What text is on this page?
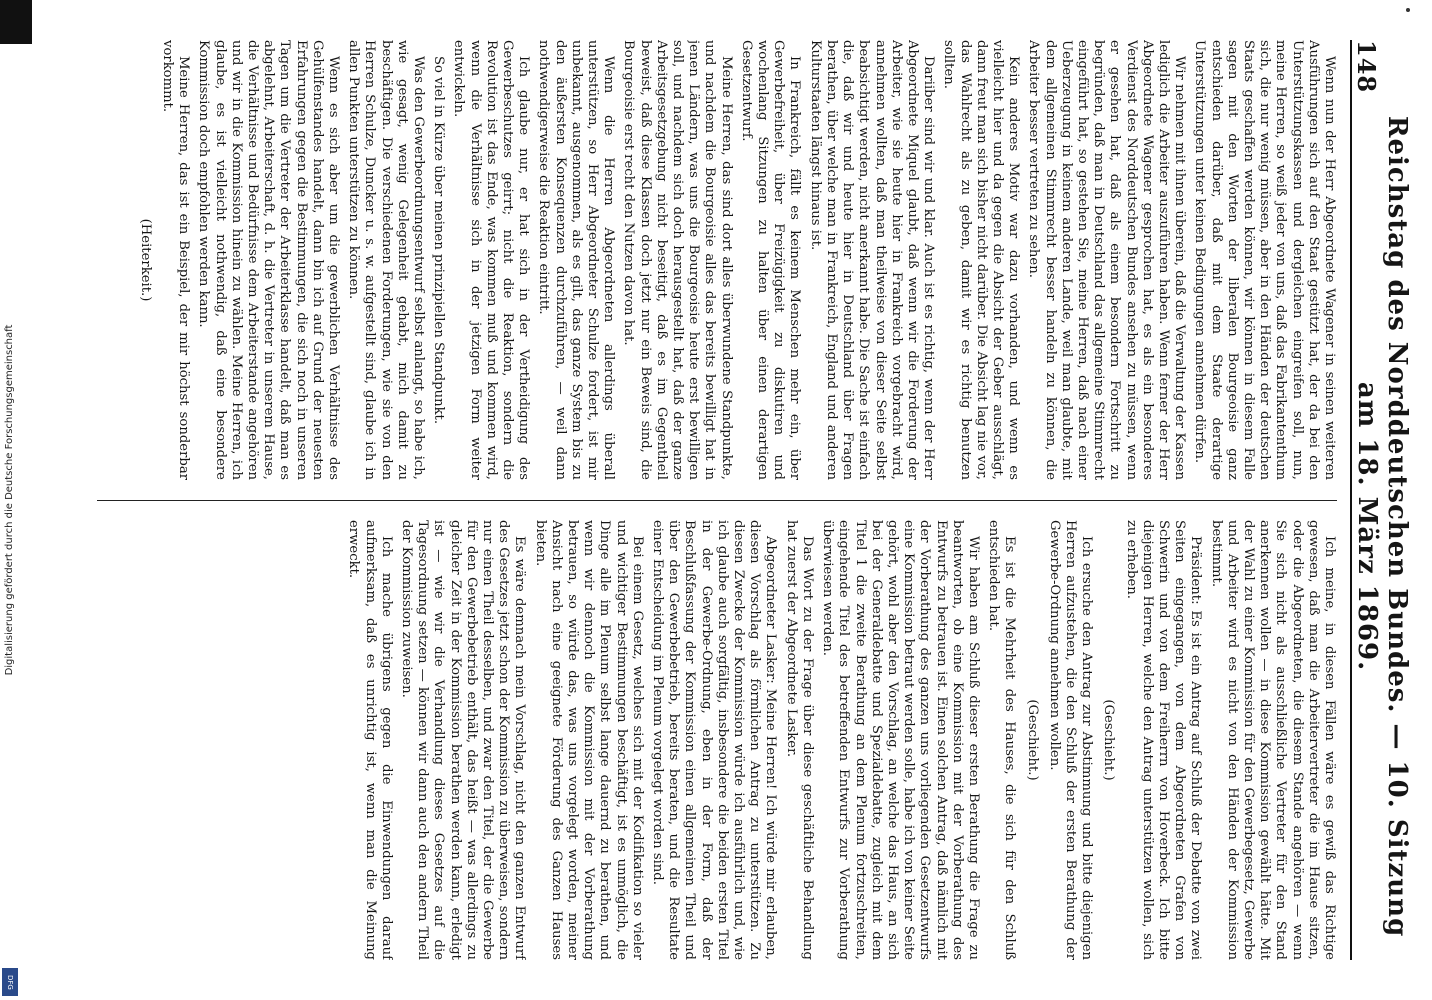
Digitalisierung gefördert durch die Deutsche Forschungsgemeinschaft
DFG
148
Reichstag des Norddeutschen Bundes. — 10. Sitzung am 18. März 1869.

Wenn nun der Herr Abgeordnete Wagener in seinen weiteren Ausführungen sich auf den Staat gestützt hat, der da bei den Unterstützungskassen und dergleichen eingreifen soll, nun, meine Herren, so weiß jeder von uns, daß das Fabrikantenthum sich, die nur wenig müssen, aber in den Händen der deutschen Staats geschaffen werden können, wir können in diesem Falle sagen mit den Worten der liberalen Bourgeoisie ganz entschieden darüber, daß mit dem Staate derartige Unterstützungen unter keinen Bedingungen annehmen dürfen.

Wir nehmen mit ihnen überein, daß die Verwaltung der Kassen lediglich die Arbeiter auszuführen haben. Wenn ferner der Herr Abgeordnete Wagener gesprochen hat, es als ein besonderes Verdienst des Norddeutschen Bundes ansehen zu müssen, wenn er gesehen hat, daß als einem besondern Fortschritt zu begründen, daß man in Deutschland das allgemeine Stimmrecht eingeführt hat, so gestehen Sie, meine Herren, daß nach einer Ueberzeugung in keinem anderen Lande, weil man glaubte, mit dem allgemeinen Stimmrecht besser handeln zu können, die Arbeiter besser vertreten zu sehen.

Kein anderes Motiv war dazu vorhanden, und wenn es vielleicht hier und da gegen die Absicht der Geber ausschlägt, dann freut man sich bisher nicht darüber. Die Absicht lag nie vor, das Wahlrecht als zu geben, damit wir es richtig benutzen sollten.

Dariiber sind wir und klar. Auch ist es richtig, wenn der Herr Abgeordnete Miquel glaubt, daß wenn wir die Forderung der Arbeiter, wie sie heute hier in Frankreich vorgebracht wird, annehmen wollten, daß man theilweise von dieser Seite selbst beabsichtigt werden, nicht anerkannt habe. Die Sache ist einfach die, daß wir und heute hier in Deutschland über Fragen berathen, über welche man in Frankreich, England und anderen Kulturstaaten längst hinaus ist.

In Frankreich, fällt es keinem Menschen mehr ein, über Gewerbefreiheit, über Freizügigkeit zu diskutiren und wochenlang Sitzungen zu halten über einen derartigen Gesetzentwurf.

Meine Herren, das sind dort alles überwundene Standpunkte, und nachdem die Bourgeoisie alles das bereits bewilligt hat in jenen Ländern, was uns die Bourgeoisie heute erst bewilligen soll, und nachdem sich doch herausgestellt hat, daß der ganze Arbeitsgesetzgebung nicht beseitigt, daß es im Gegentheil beweist, daß diese Klassen doch jetzt nur ein Beweis sind, die Bourgeoisie erst recht den Nutzen davon hat.

Wenn die Herren Abgeordneten allerdings überall unterstützen, so Herr Abgeordneter Schulze fordert, ist mir unbekannt, ausgenommen, als es gilt, das ganze System bis zu den äußersten Konsequenzen durchzuführen, — weil dann nothwendigerweise die Reaktion eintritt.

Ich glaube nur, er hat sich in der Vertheidigung des Gewerbeschutzes geirrt; nicht die Reaktion, sondern die Revolution ist das Ende, was kommen muß und kommen wird, wenn die Verhältnisse sich in der jetzigen Form weiter entwickeln.

So viel in Kürze über meinen prinzipiellen Standpunkt.

Was den Gewerbeordnungsentwurf selbst anlangt, so habe ich, wie gesagt, wenig Gelegenheit gehabt, mich damit zu beschäftigen. Die verschiedenen Forderungen, wie sie von den Herren Schulze, Duncker u. s. w. aufgestellt sind, glaube ich in allen Punkten unterstützen zu können.

Wenn es sich aber um die gewerblichen Verhältnisse des Gehülfenstandes handelt, dann bin ich auf Grund der neuesten Erfahrungen gegen die Bestimmungen, die sich noch in unseren Tagen um die Vertreter der Arbeiterklasse handelt, daß man es abgelehnt, Arbeiterschaft, d. h. die Vertreter in unserem Hause, die Verhältnisse und Bedürfnisse dem Arbeiterstande angehören und wir in die Kommission hinein zu wählen. Meine Herren, ich glaube, es ist vielleicht nothwendig, daß eine besondere Kommission doch empfohlen werden kann.

Meine Herren, das ist ein Beispiel, der mir höchst sonderbar vorkommt.

(Heiterkeit.)

Ich meine, in diesen Fällen wäre es gewiß das Richtige gewesen, daß man die Arbeitervertreter die im Hause sitzen, oder die Abgeordneten, die diesem Stande angehören — wenn Sie sich nicht als ausschließliche Vertreter für den Stand anerkennen wollen — in diese Kommission gewählt hätte. Mit der Wahl zu einer Kommission für den Gewerbegesetz, Gewerbe und Arbeiter wird es nicht von den Händen der Kommission bestimmt.

Präsident: Es ist ein Antrag auf Schluß der Debatte von zwei Seiten eingegangen, von dem Abgeordneten Grafen von Schwerin und von dem Freiherrn von Hoverbeck. Ich bitte diejenigen Herren, welche den Antrag unterstützen wollen, sich zu erheben.

(Geschieht.)

Ich ersuche den Antrag zur Abstimmung und bitte diejenigen Herren aufzustehen, die den Schluß der ersten Berathung der Gewerbe-Ordnung annehmen wollen.

(Geschieht.)

Es ist die Mehrheit des Hauses, die sich für den Schluß entschieden hat.

Wir haben am Schluß dieser ersten Berathung die Frage zu beantworten, ob eine Kommission mit der Vorberathung des Entwurfs zu betrauen ist. Einen solchen Antrag, daß nämlich mit der Vorberathung des ganzen uns vorliegenden Gesetzentwurfs eine Kommission betraut werden solle, habe ich von keiner Seite gehört, wohl aber den Vorschlag, an welche das Haus, an sich bei der Generaldebatte und Spezialdebatte, zugleich mit dem Titel 1 die zweite Berathung an dem Plenum fortzuschreiten, eingehende Titel des betreffenden Entwurfs zur Vorberathung überwiesen werden.

Das Wort zu der Frage über diese geschäftliche Behandlung hat zuerst der Abgeordnete Lasker.

Abgeordneter Lasker: Meine Herren! Ich würde mir erlauben, diesen Vorschlag als förmlichen Antrag zu unterstützen. Zu diesen Zwecke der Kommission würde ich ausführlich und, wie ich glaube auch sorgfältig, insbesondere die beiden ersten Titel in der Gewerbe-Ordnung, eben in der Form, daß der Beschlußfassung der Kommission einen allgemeinen Theil und über den Gewerbebetrieb, bereits beraten, und die Resultate einer Entscheidung im Plenum vorgelegt worden sind.

Bei einem Gesetz, welches sich mit der Kodifikation so vieler und wichtiger Bestimmungen beschäftigt, ist es unmöglich, die Dinge alle im Plenum selbst lange dauernd zu berathen, und wenn wir dennoch die Kommission mit der Vorberathung betrauen, so würde das, was uns vorgelegt worden, meiner Ansicht nach eine geeignete Förderung des Ganzen Hauses bieten.

Es wäre demnach mein Vorschlag, nicht den ganzen Entwurf des Gesetzes jetzt schon der Kommission zu überweisen, sondern nur einen Theil desselben, und zwar den Titel, der die Gewerbe für den Gewerbebetrieb enthält, das heißt — was allerdings zu gleicher Zeit in der Kommission berathen werden kann, erledigt ist — wie wir die Verhandlung dieses Gesetzes auf die Tagesordnung setzen — können wir dann auch den andern Theil der Kommission zuweisen.

Ich mache übrigens gegen die Einwendungen darauf aufmerksam, daß es unrichtig ist, wenn man die Meinung erweckt.
